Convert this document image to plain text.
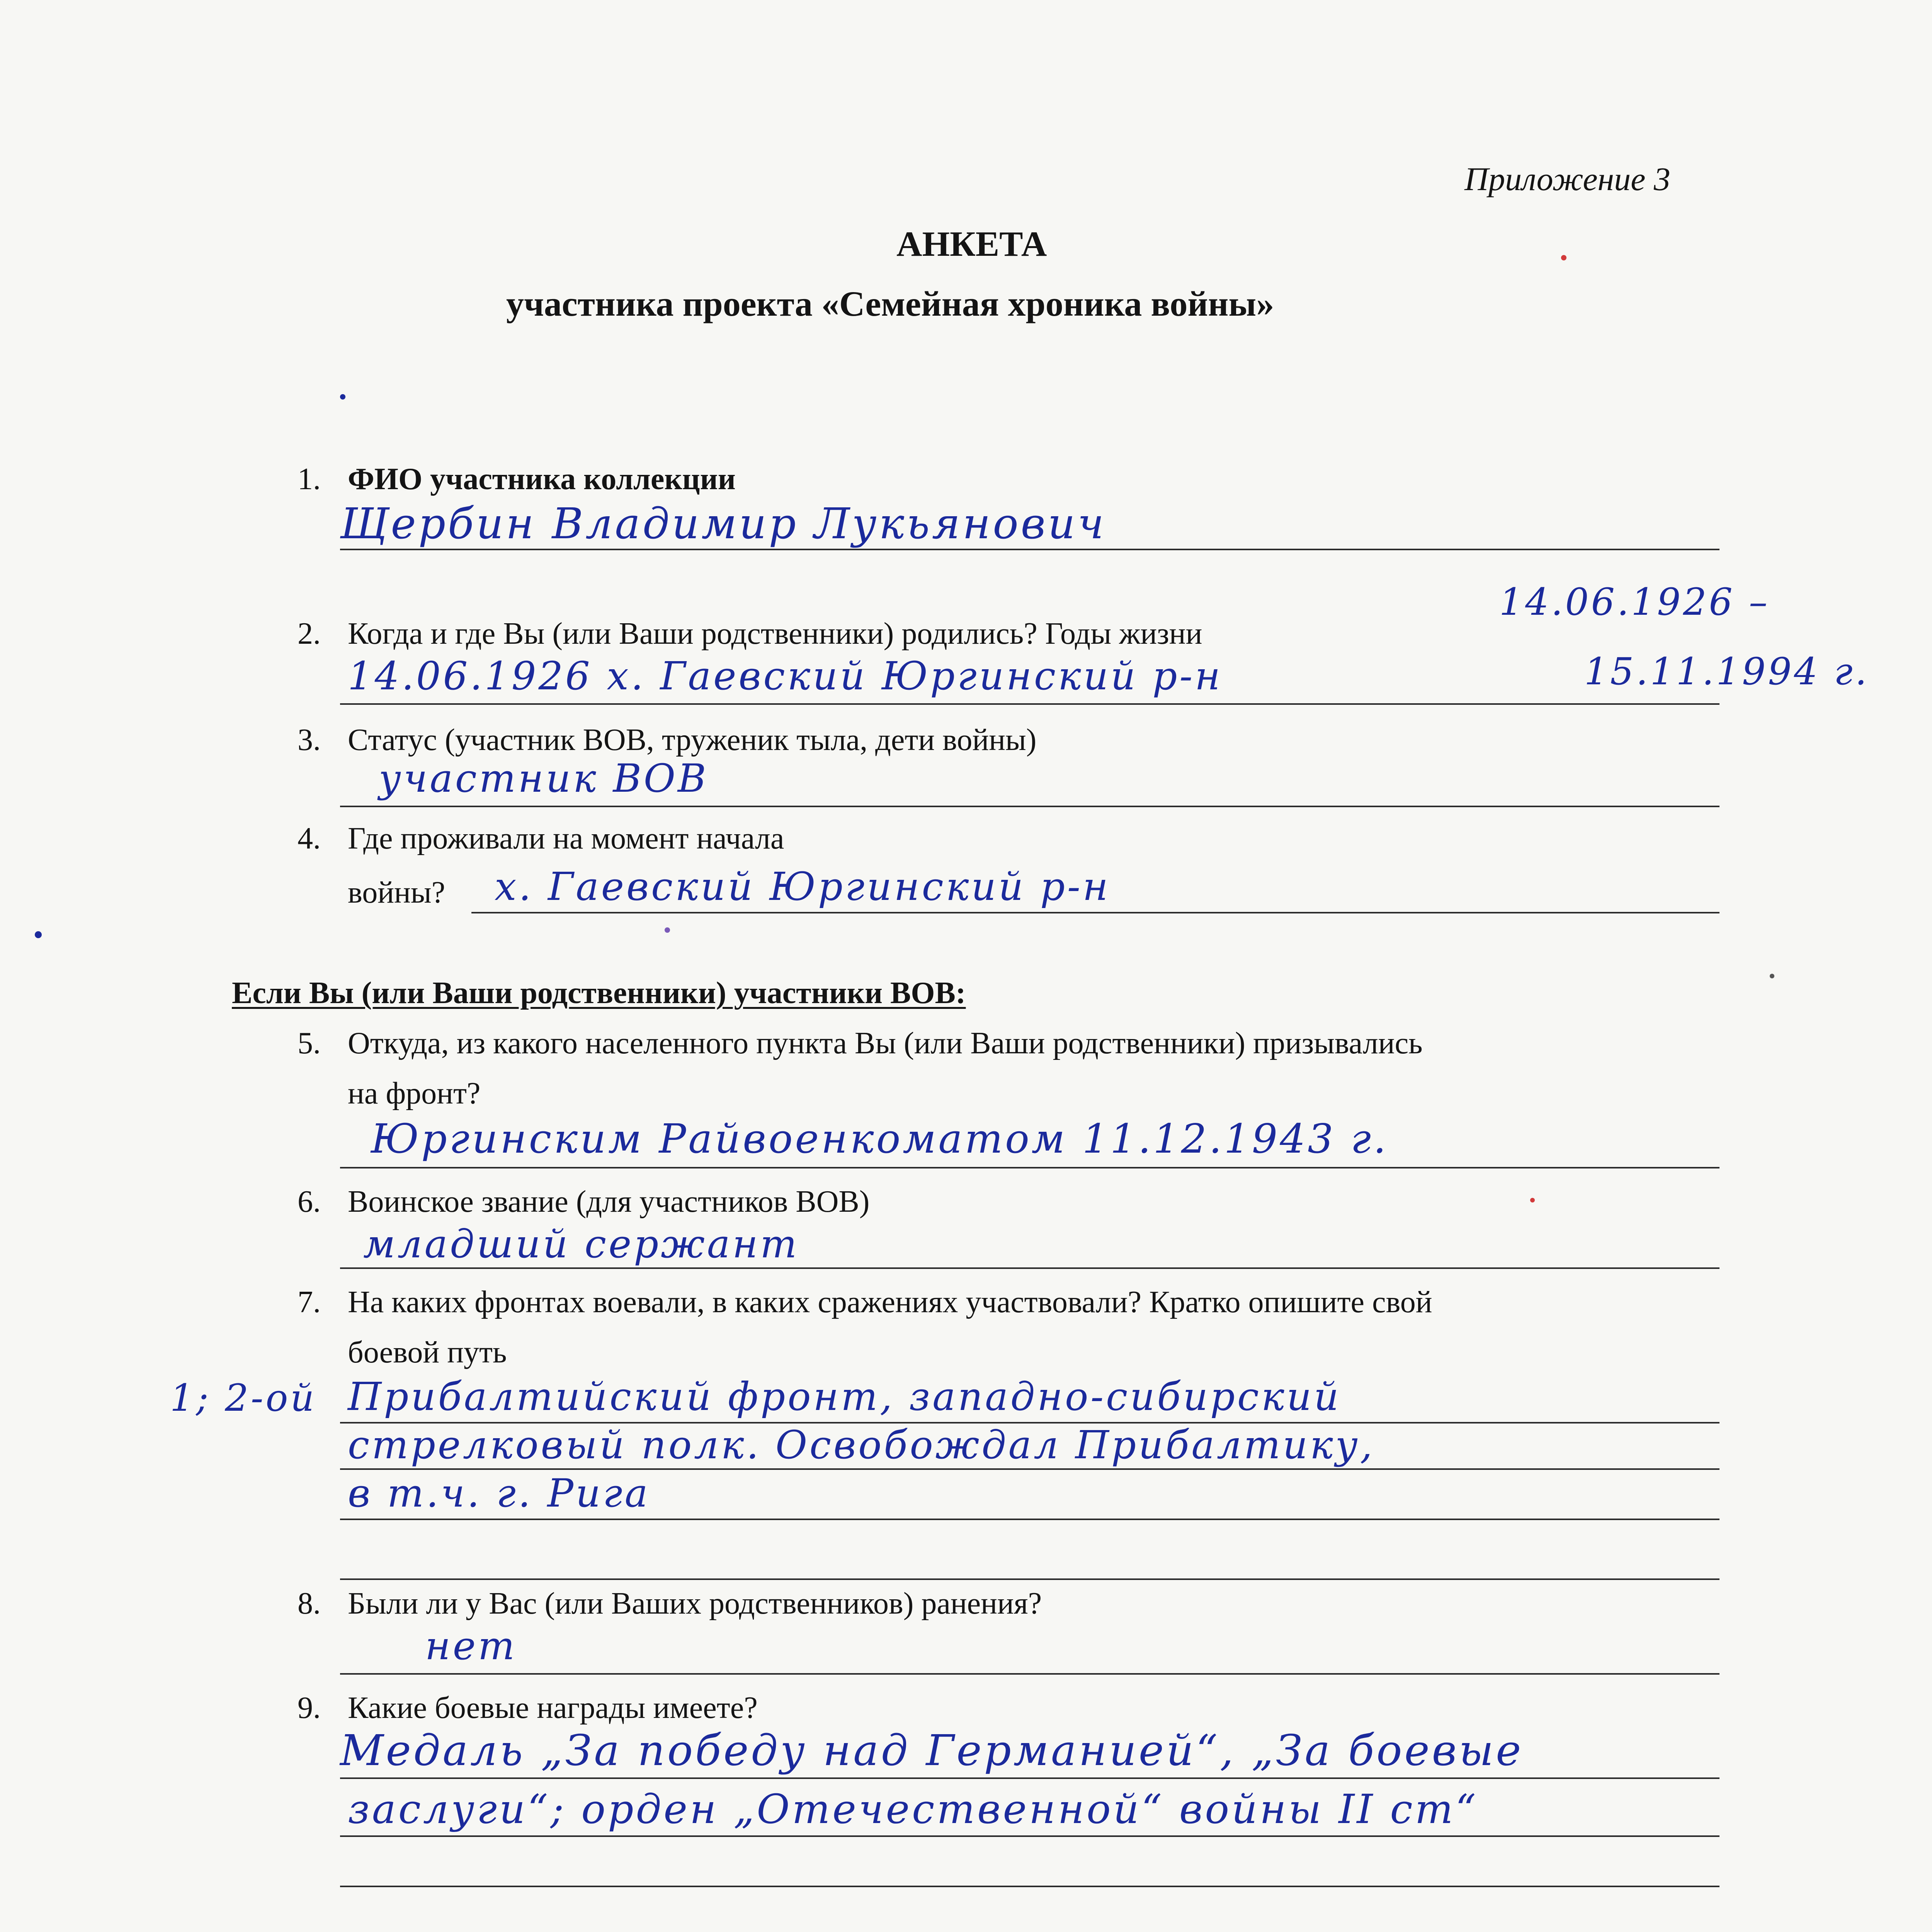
Приложение 3
АНКЕТА
участника проекта «Семейная хроника войны»
1. ФИО участника коллекции
Щербин Владимир Лукьянович
2. Когда и где Вы (или Ваши родственники) родились? Годы жизни
14.06.1926 –
14.06.1926 х. Гаевский Юргинский р-н	15.11.1994 г.
3. Статус (участник ВОВ, труженик тыла, дети войны)
участник ВОВ
4. Где проживали на момент начала
войны? х. Гаевский Юргинский р-н
Если Вы (или Ваши родственники) участники ВОВ:
5. Откуда, из какого населенного пункта Вы (или Ваши родственники) призывались
на фронт?
Юргинским Райвоенкоматом 11.12.1943 г.
6. Воинское звание (для участников ВОВ)
младший сержант
7. На каких фронтах воевали, в каких сражениях участвовали? Кратко опишите свой
боевой путь
1; 2-ой Прибалтийский фронт, западно-сибирский
стрелковый полк. Освобождал Прибалтику,
в т.ч. г. Рига
8. Были ли у Вас (или Ваших родственников) ранения?
нет
9. Какие боевые награды имеете?
Медаль „За победу над Германией“, „За боевые
заслуги“; орден „Отечественной“ войны II ст“
